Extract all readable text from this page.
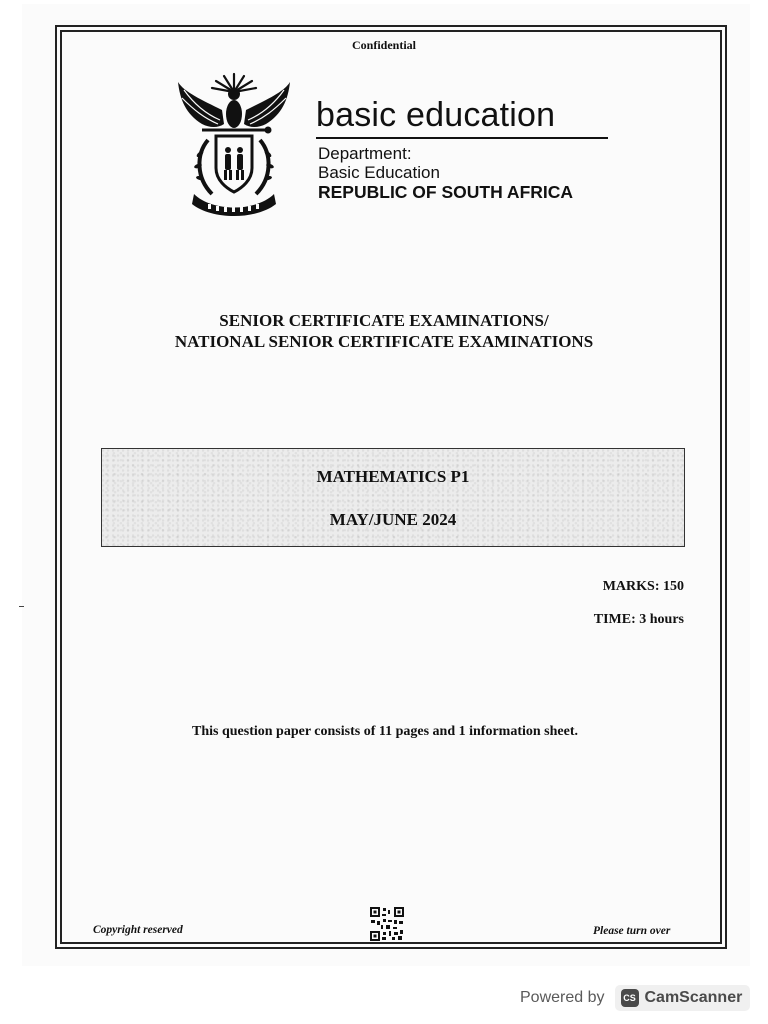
Confidential
basic education
Department:
Basic Education
REPUBLIC OF SOUTH AFRICA
SENIOR CERTIFICATE EXAMINATIONS/
NATIONAL SENIOR CERTIFICATE EXAMINATIONS
MATHEMATICS P1
MAY/JUNE 2024
MARKS: 150
TIME: 3 hours
This question paper consists of 11 pages and 1 information sheet.
Copyright reserved	Please turn over
Powered by	CS CamScanner
